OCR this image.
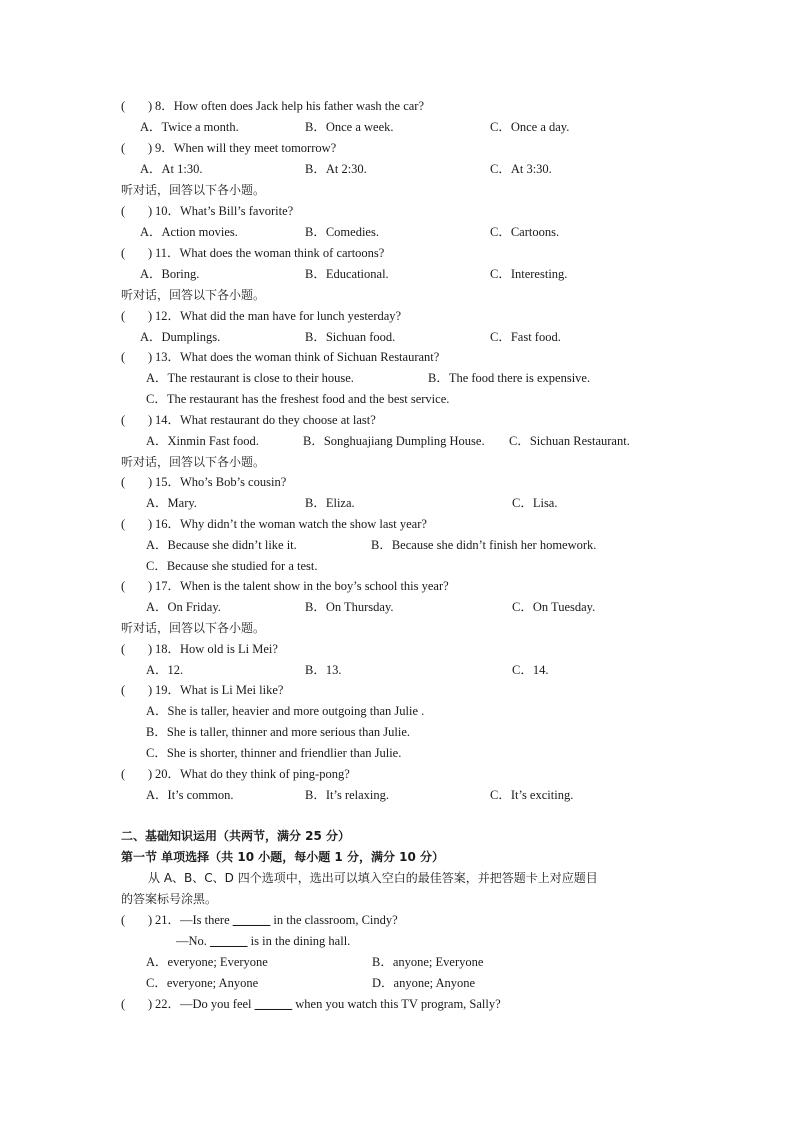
( ) 8．How often does Jack help his father wash the car?
A．Twice a month.	B．Once a week.	C．Once a day.
( ) 9．When will they meet tomorrow?
A．At 1:30.	B．At 2:30.	C．At 3:30.
听对话，回答以下各小题。
( ) 10．What’s Bill’s favorite?
A．Action movies.	B．Comedies.	C．Cartoons.
( ) 11．What does the woman think of cartoons?
A．Boring.	B．Educational.	C．Interesting.
听对话，回答以下各小题。
( ) 12．What did the man have for lunch yesterday?
A．Dumplings.	B．Sichuan food.	C．Fast food.
( ) 13．What does the woman think of Sichuan Restaurant?
A．The restaurant is close to their house.	B．The food there is expensive.
C．The restaurant has the freshest food and the best service.
( ) 14．What restaurant do they choose at last?
A．Xinmin Fast food.	B．Songhuajiang Dumpling House. C．Sichuan Restaurant.
听对话，回答以下各小题。
( ) 15．Who’s Bob’s cousin?
A．Mary.	B．Eliza.	C．Lisa.
( ) 16．Why didn’t the woman watch the show last year?
A．Because she didn’t like it.	B．Because she didn’t finish her homework.
C．Because she studied for a test.
( ) 17．When is the talent show in the boy’s school this year?
A．On Friday.	B．On Thursday.	C．On Tuesday.
听对话，回答以下各小题。
( ) 18．How old is Li Mei?
A．12.	B．13.	C．14.
( ) 19．What is Li Mei like?
A．She is taller, heavier and more outgoing than Julie .
B．She is taller, thinner and more serious than Julie.
C．She is shorter, thinner and friendlier than Julie.
( ) 20．What do they think of ping-pong?
A．It’s common.	B．It’s relaxing.	C．It’s exciting.
二、基础知识运用（共两节，满分 25 分）
第一节 单项选择（共 10 小题，每小题 1 分，满分 10 分）
从 A、B、C、D 四个选项中，选出可以填入空白的最佳答案，并把答题卡上对应题目
的答案标号涂黑。
( ) 21．—Is there ______ in the classroom, Cindy?
—No. ______ is in the dining hall.
A．everyone; Everyone	B．anyone; Everyone
C．everyone; Anyone	D．anyone; Anyone
( ) 22．—Do you feel ______ when you watch this TV program, Sally?
